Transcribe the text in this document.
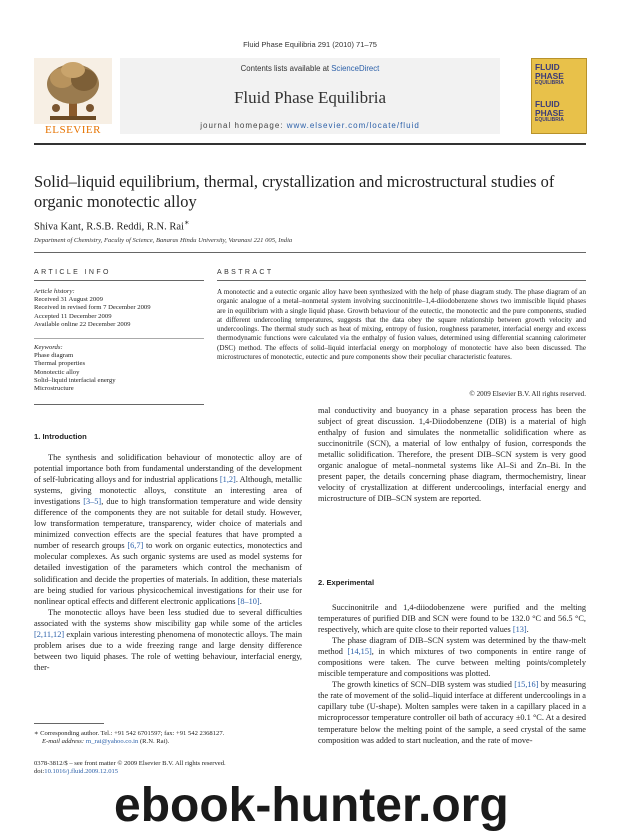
Fluid Phase Equilibria 291 (2010) 71–75
ELSEVIER
Contents lists available at ScienceDirect
Fluid Phase Equilibria
journal homepage: www.elsevier.com/locate/fluid
FLUID PHASE
EQUILIBRIA
FLUID PHASE
EQUILIBRIA
Solid–liquid equilibrium, thermal, crystallization and microstructural studies of organic monotectic alloy
Shiva Kant, R.S.B. Reddi, R.N. Rai∗
Department of Chemistry, Faculty of Science, Banaras Hindu University, Varanasi 221 005, India
ARTICLE INFO	ABSTRACT
Article history:
Received 31 August 2009
Received in revised form 7 December 2009
Accepted 11 December 2009
Available online 22 December 2009
Keywords:
Phase diagram
Thermal properties
Monotectic alloy
Solid–liquid interfacial energy
Microstructure
A monotectic and a eutectic organic alloy have been synthesized with the help of phase diagram study. The phase diagram of an organic analogue of a metal–nonmetal system involving succinonitrile–1,4-diiodobenzene shows two immiscible liquid phases are in equilibrium with a single liquid phase. Growth behaviour of the eutectic, the monotectic and the pure components, studied at different undercooling temperatures, suggests that the data obey the square relationship between growth velocity and undercoolings. The thermal study such as heat of mixing, entropy of fusion, roughness parameter, interfacial energy and excess thermodynamic functions were calculated via the enthalpy of fusion values, determined using differential scanning calorimeter (DSC) method. The effects of solid–liquid interfacial energy on morphology of monotectic have also been discussed. The microstructures of monotectic, eutectic and pure components show their peculiar characteristic features.
© 2009 Elsevier B.V. All rights reserved.
1. Introduction

The synthesis and solidification behaviour of monotectic alloy are of potential importance both from fundamental understanding of the development of self-lubricating alloys and for industrial applications [1,2]. Although, metallic systems, giving monotectic alloys, constitute an interesting area of investigations [3–5], due to high transformation temperature and wide density difference of the components they are not suitable for detail study. However, low transformation temperature, transparency, wider choice of materials and minimized convection effects are the special features that have prompted a number of research groups [6,7] to work on organic eutectics, monotectics and molecular complexes. As such organic systems are used as model systems for detailed investigation of the parameters which control the mechanism of solidification and decide the properties of materials. In addition, these materials are being studied for various physicochemical investigations for their use for nonlinear optical effects and different electronic applications [8–10].

The monotectic alloys have been less studied due to several difficulties associated with the systems show miscibility gap while some of the articles [2,11,12] explain various interesting phenomena of monotectic alloys. The main problem arises due to a wide freezing range and large density difference between two liquid phases. The role of wetting behaviour, interfacial energy, ther-

mal conductivity and buoyancy in a phase separation process has been the subject of great discussion. 1,4-Diiodobenzene (DIB) is a material of high enthalpy of fusion and simulates the nonmetallic solidification where as succinonitrile (SCN), a material of low enthalpy of fusion, corresponds the metallic solidification. Therefore, the present DIB–SCN system is very good organic analogue of metal–nonmetal systems like Al–Si and Zn–Bi. In the present paper, the details concerning phase diagram, thermochemistry, linear velocity of crystallization at different undercoolings, interfacial energy and microstructure of DIB–SCN system are reported.

2. Experimental

Succinonitrile and 1,4-diiodobenzene were purified and the melting temperatures of purified DIB and SCN were found to be 132.0 °C and 56.5 °C, respectively, which are quite close to their reported values [13].

The phase diagram of DIB–SCN system was determined by the thaw-melt method [14,15], in which mixtures of two components in entire range of compositions were taken. The curve between melting points/completely miscible temperature and compositions was plotted.

The growth kinetics of SCN–DIB system was studied [15,16] by measuring the rate of movement of the solid–liquid interface at different undercoolings in a capillary tube (U-shape). Molten samples were taken in a capillary placed in a microprocessor temperature controller oil bath of accuracy ±0.1 °C. At a desired temperature below the melting point of the sample, a seed crystal of the same composition was added to start nucleation, and the rate of move-

∗ Corresponding author. Tel.: +91 542 6701597; fax: +91 542 2368127.
E-mail address: rn_rai@yahoo.co.in (R.N. Rai).
0378-3812/$ – see front matter © 2009 Elsevier B.V. All rights reserved.
doi:10.1016/j.fluid.2009.12.015
ebook-hunter.org
